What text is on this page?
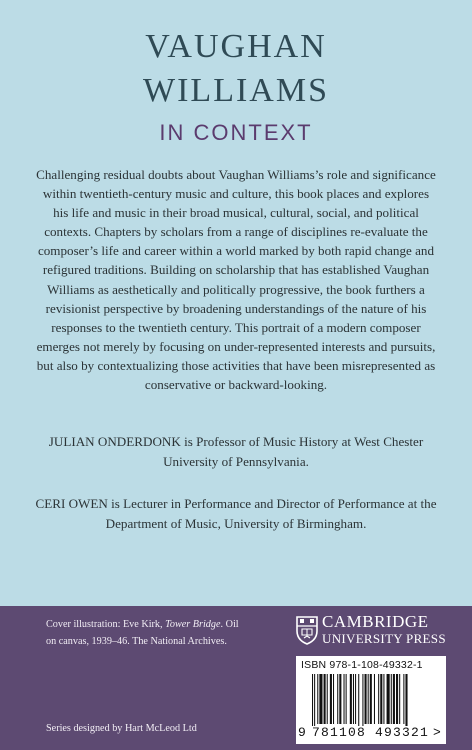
VAUGHAN
WILLIAMS
IN CONTEXT
Challenging residual doubts about Vaughan Williams’s role and significance within twentieth-century music and culture, this book places and explores his life and music in their broad musical, cultural, social, and political contexts. Chapters by scholars from a range of disciplines re-evaluate the composer’s life and career within a world marked by both rapid change and refigured traditions. Building on scholarship that has established Vaughan Williams as aesthetically and politically progressive, the book furthers a revisionist perspective by broadening understandings of the nature of his responses to the twentieth century. This portrait of a modern composer emerges not merely by focusing on under-represented interests and pursuits, but also by contextualizing those activities that have been misrepresented as conservative or backward-looking.
JULIAN ONDERDONK is Professor of Music History at West Chester University of Pennsylvania.
CERI OWEN is Lecturer in Performance and Director of Performance at the Department of Music, University of Birmingham.
Cover illustration: Eve Kirk, Tower Bridge. Oil on canvas, 1939–46. The National Archives.
Series designed by Hart McLeod Ltd
CAMBRIDGE
UNIVERSITY PRESS
ISBN 978-1-108-49332-1
9 781108 493321 >
